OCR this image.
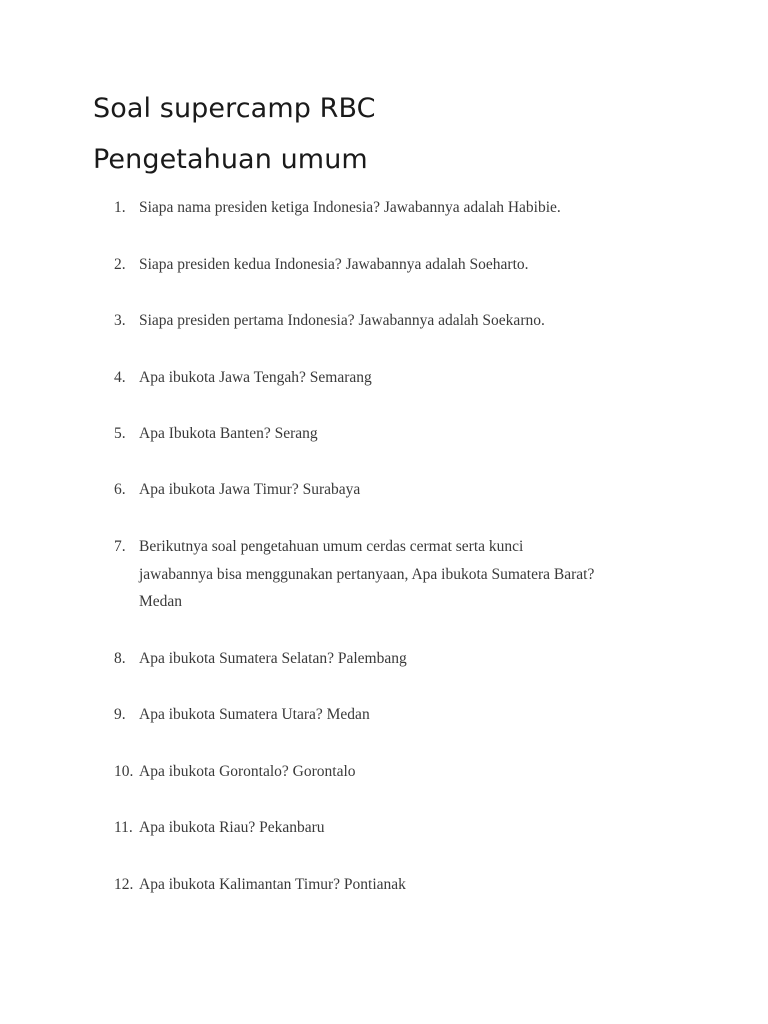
Soal supercamp RBC
Pengetahuan umum
1. Siapa nama presiden ketiga Indonesia? Jawabannya adalah Habibie.
2. Siapa presiden kedua Indonesia? Jawabannya adalah Soeharto.
3. Siapa presiden pertama Indonesia? Jawabannya adalah Soekarno.
4. Apa ibukota Jawa Tengah? Semarang
5. Apa Ibukota Banten? Serang
6. Apa ibukota Jawa Timur? Surabaya
7. Berikutnya soal pengetahuan umum cerdas cermat serta kunci
jawabannya bisa menggunakan pertanyaan, Apa ibukota Sumatera Barat?
Medan
8. Apa ibukota Sumatera Selatan? Palembang
9. Apa ibukota Sumatera Utara? Medan
10. Apa ibukota Gorontalo? Gorontalo
11. Apa ibukota Riau? Pekanbaru
12. Apa ibukota Kalimantan Timur? Pontianak
